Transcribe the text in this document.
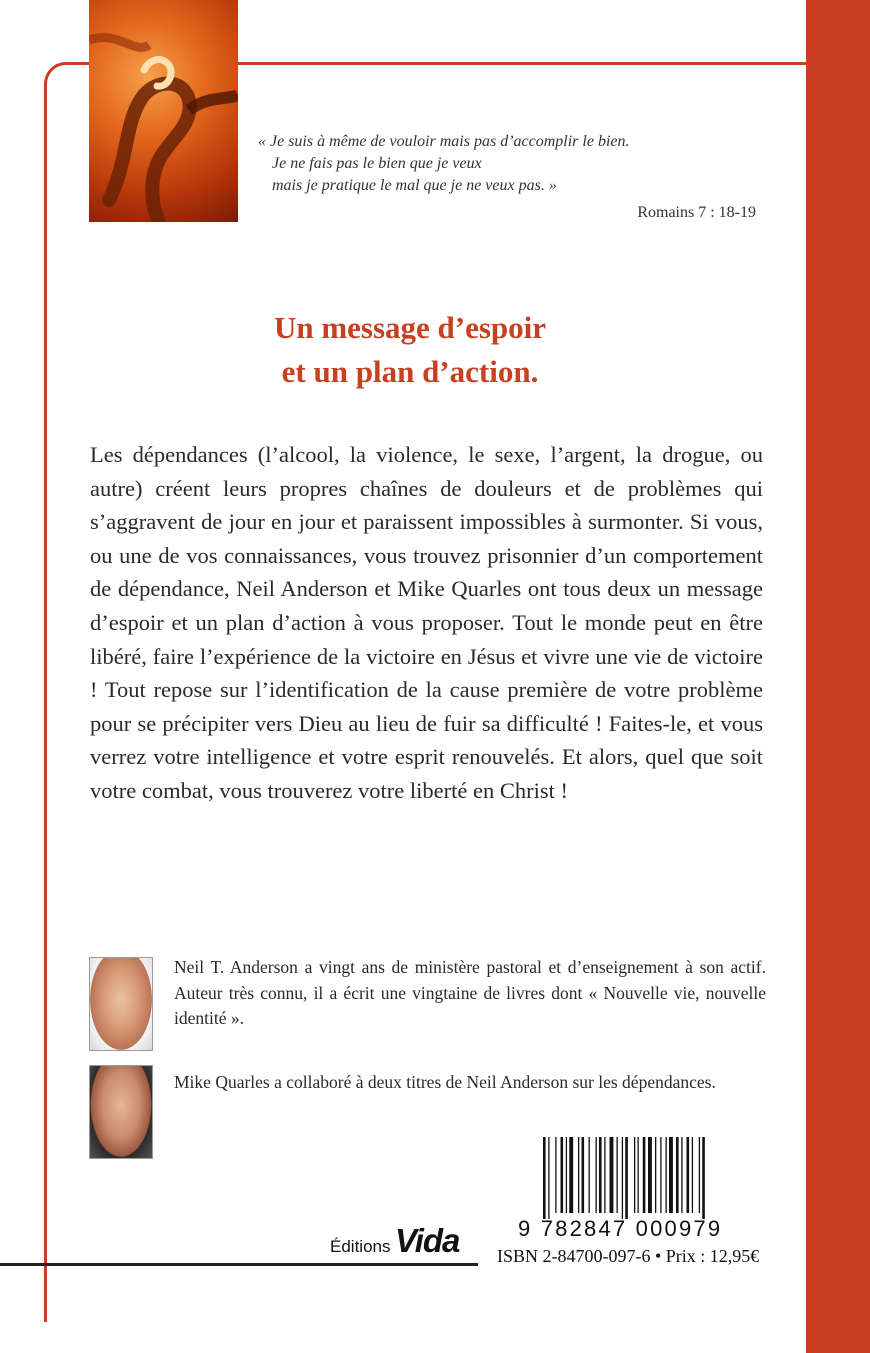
« Je suis à même de vouloir mais pas d’accomplir le bien.
Je ne fais pas le bien que je veux
mais je pratique le mal que je ne veux pas. »
Romains 7 : 18-19
Un message d’espoir
et un plan d’action.
Les dépendances (l’alcool, la violence, le sexe, l’argent, la drogue, ou autre) créent leurs propres chaînes de douleurs et de problèmes qui s’aggravent de jour en jour et paraissent impossibles à surmonter. Si vous, ou une de vos connaissances, vous trouvez prisonnier d’un comportement de dépendance, Neil Anderson et Mike Quarles ont tous deux un message d’espoir et un plan d’action à vous proposer. Tout le monde peut en être libéré, faire l’expérience de la victoire en Jésus et vivre une vie de victoire ! Tout repose sur l’identification de la cause première de votre problème pour se précipiter vers Dieu au lieu de fuir sa difficulté ! Faites-le, et vous verrez votre intelligence et votre esprit renouvelés. Et alors, quel que soit votre combat, vous trouverez votre liberté en Christ !
Neil T. Anderson a vingt ans de ministère pastoral et d’enseignement à son actif. Auteur très connu, il a écrit une vingtaine de livres dont « Nouvelle vie, nouvelle identité ».
Mike Quarles a collaboré à deux titres de Neil Anderson sur les dépendances.
Éditions Vida	9 782847 000979
ISBN 2-84700-097-6 • Prix : 12,95€
